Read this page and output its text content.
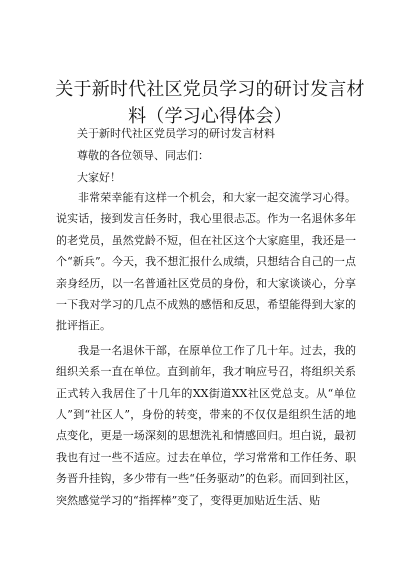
关于新时代社区党员学习的研讨发言材料（学习心得体会）

关于新时代社区党员学习的研讨发言材料

尊敬的各位领导、同志们：

大家好！

非常荣幸能有这样一个机会，和大家一起交流学习心得。说实话，接到发言任务时，我心里很忐忑。作为一名退休多年的老党员，虽然党龄不短，但在社区这个大家庭里，我还是一个“新兵”。今天，我不想汇报什么成绩，只想结合自己的一点亲身经历，以一名普通社区党员的身份，和大家谈谈心，分享一下我对学习的几点不成熟的感悟和反思，希望能得到大家的批评指正。

我是一名退休干部，在原单位工作了几十年。过去，我的组织关系一直在单位。直到前年，我才响应号召，将组织关系正式转入我居住了十几年的XX街道XX社区党总支。从“单位人”到“社区人”，身份的转变，带来的不仅仅是组织生活的地点变化，更是一场深刻的思想洗礼和情感回归。坦白说，最初我也有过一些不适应。过去在单位，学习常常和工作任务、职务晋升挂钩，多少带有一些“任务驱动”的色彩。而回到社区，突然感觉学习的“指挥棒”变了，变得更加贴近生活、贴
